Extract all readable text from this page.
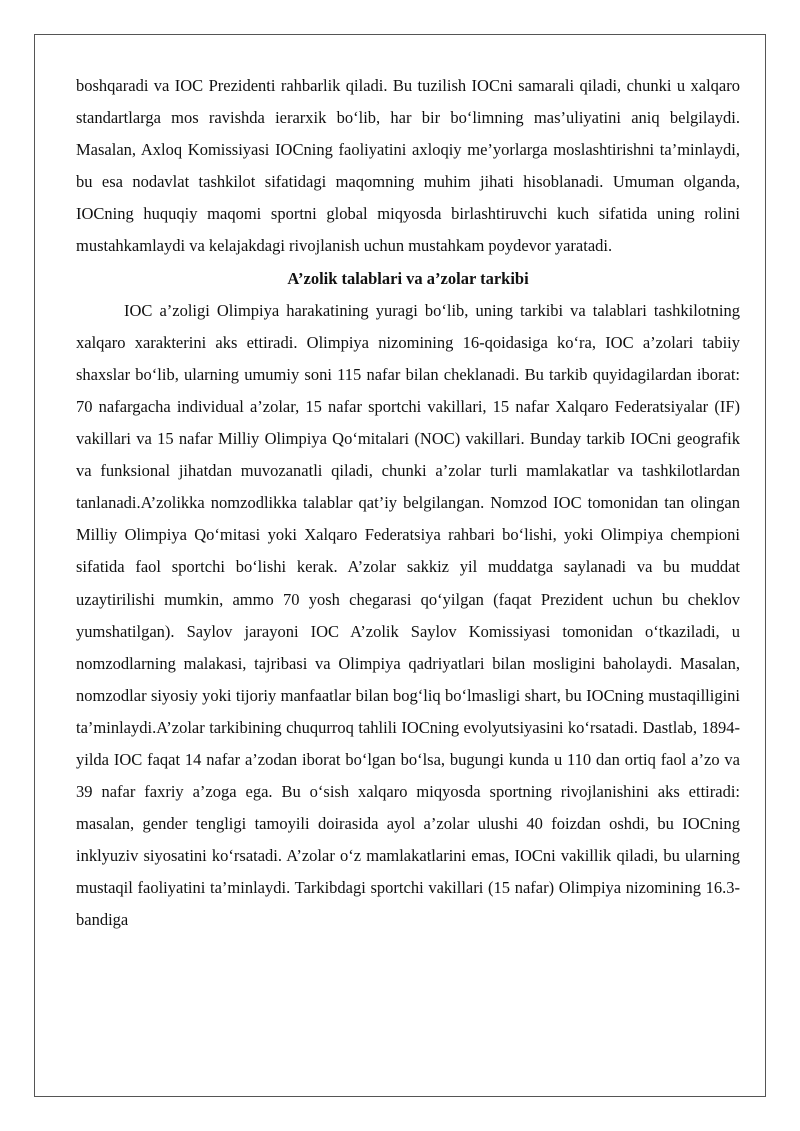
boshqaradi va IOC Prezidenti rahbarlik qiladi. Bu tuzilish IOCni samarali qiladi, chunki u xalqaro standartlarga mos ravishda ierarxik bo‘lib, har bir bo‘limning mas’uliyatini aniq belgilaydi. Masalan, Axloq Komissiyasi IOCning faoliyatini axloqiy me’yorlarga moslashtirishni ta’minlaydi, bu esa nodavlat tashkilot sifatidagi maqomning muhim jihati hisoblanadi. Umuman olganda, IOCning huquqiy maqomi sportni global miqyosda birlashtiruvchi kuch sifatida uning rolini mustahkamlaydi va kelajakdagi rivojlanish uchun mustahkam poydevor yaratadi.

A’zolik talablari va a’zolar tarkibi

IOC a’zoligi Olimpiya harakatining yuragi bo‘lib, uning tarkibi va talablari tashkilotning xalqaro xarakterini aks ettiradi. Olimpiya nizomining 16-qoidasiga ko‘ra, IOC a’zolari tabiiy shaxslar bo‘lib, ularning umumiy soni 115 nafar bilan cheklanadi. Bu tarkib quyidagilardan iborat: 70 nafargacha individual a’zolar, 15 nafar sportchi vakillari, 15 nafar Xalqaro Federatsiyalar (IF) vakillari va 15 nafar Milliy Olimpiya Qo‘mitalari (NOC) vakillari. Bunday tarkib IOCni geografik va funksional jihatdan muvozanatli qiladi, chunki a’zolar turli mamlakatlar va tashkilotlardan tanlanadi.A’zolikka nomzodlikka talablar qat’iy belgilangan. Nomzod IOC tomonidan tan olingan Milliy Olimpiya Qo‘mitasi yoki Xalqaro Federatsiya rahbari bo‘lishi, yoki Olimpiya chempioni sifatida faol sportchi bo‘lishi kerak. A’zolar sakkiz yil muddatga saylanadi va bu muddat uzaytirilishi mumkin, ammo 70 yosh chegarasi qo‘yilgan (faqat Prezident uchun bu cheklov yumshatilgan). Saylov jarayoni IOC A’zolik Saylov Komissiyasi tomonidan o‘tkaziladi, u nomzodlarning malakasi, tajribasi va Olimpiya qadriyatlari bilan mosligini baholaydi. Masalan, nomzodlar siyosiy yoki tijoriy manfaatlar bilan bog‘liq bo‘lmasligi shart, bu IOCning mustaqilligini ta’minlaydi.A’zolar tarkibining chuqurroq tahlili IOCning evolyutsiyasini ko‘rsatadi. Dastlab, 1894-yilda IOC faqat 14 nafar a’zodan iborat bo‘lgan bo‘lsa, bugungi kunda u 110 dan ortiq faol a’zo va 39 nafar faxriy a’zoga ega. Bu o‘sish xalqaro miqyosda sportning rivojlanishini aks ettiradi: masalan, gender tengligi tamoyili doirasida ayol a’zolar ulushi 40 foizdan oshdi, bu IOCning inklyuziv siyosatini ko‘rsatadi. A’zolar o‘z mamlakatlarini emas, IOCni vakillik qiladi, bu ularning mustaqil faoliyatini ta’minlaydi. Tarkibdagi sportchi vakillari (15 nafar) Olimpiya nizomining 16.3-bandiga
